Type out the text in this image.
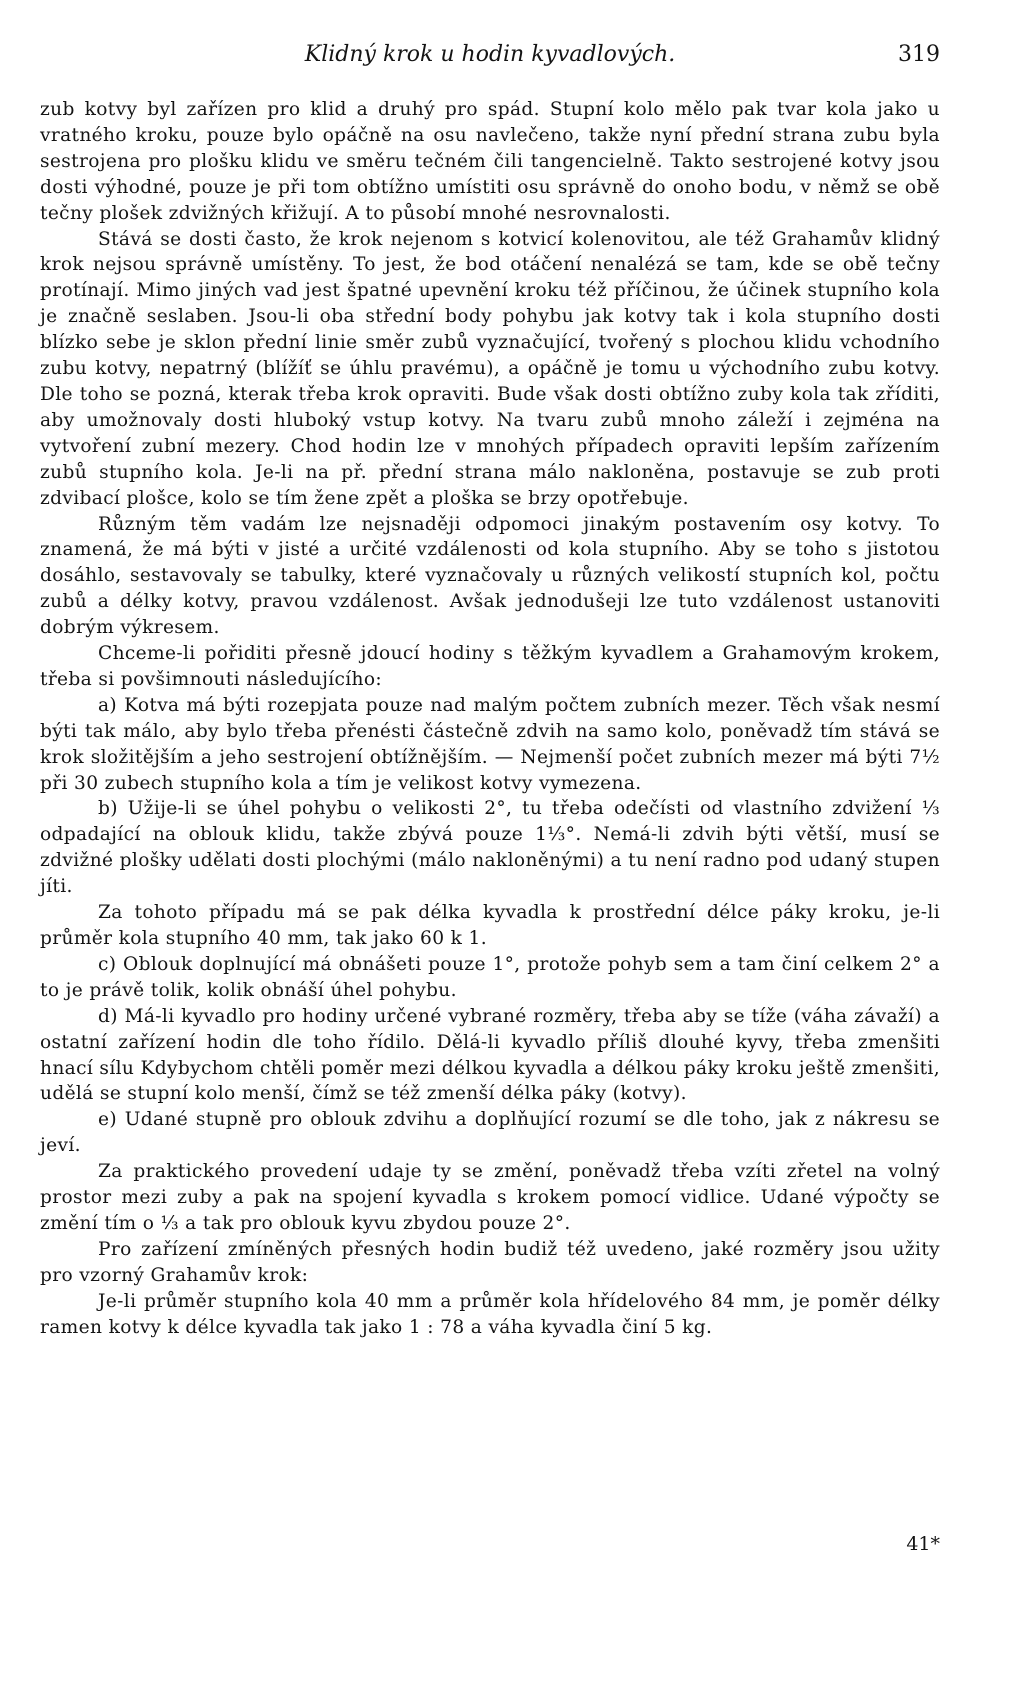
Klidný krok u hodin kyvadlových.	319

zub kotvy byl zařízen pro klid a druhý pro spád. Stupní kolo mělo pak tvar kola jako u vratného kroku, pouze bylo opáčně na osu navlečeno, takže nyní přední strana zubu byla sestrojena pro plošku klidu ve směru tečném čili tangencielně. Takto sestrojené kotvy jsou dosti výhodné, pouze je při tom obtížno umístiti osu správně do onoho bodu, v němž se obě tečny plošek zdvižných křižují. A to působí mnohé nesrovnalosti.

Stává se dosti často, že krok nejenom s kotvicí kolenovitou, ale též Grahamův klidný krok nejsou správně umístěny. To jest, že bod otáčení nenalézá se tam, kde se obě tečny protínají. Mimo jiných vad jest špatné upevnění kroku též příčinou, že účinek stupního kola je značně seslaben. Jsou-li oba střední body pohybu jak kotvy tak i kola stupního dosti blízko sebe je sklon přední linie směr zubů vyznačující, tvořený s plochou klidu vchodního zubu kotvy, nepatrný (blížíť se úhlu pravému), a opáčně je tomu u východního zubu kotvy. Dle toho se pozná, kterak třeba krok opraviti. Bude však dosti obtížno zuby kola tak zříditi, aby umožnovaly dosti hluboký vstup kotvy. Na tvaru zubů mnoho záleží i zejména na vytvoření zubní mezery. Chod hodin lze v mnohých případech opraviti lepším zařízením zubů stupního kola. Je-li na př. přední strana málo nakloněna, postavuje se zub proti zdvibací plošce, kolo se tím žene zpět a ploška se brzy opotřebuje.

Různým těm vadám lze nejsnaději odpomoci jinakým postavením osy kotvy. To znamená, že má býti v jisté a určité vzdálenosti od kola stupního. Aby se toho s jistotou dosáhlo, sestavovaly se tabulky, které vyznačovaly u různých velikostí stupních kol, počtu zubů a délky kotvy, pravou vzdálenost. Avšak jednodušeji lze tuto vzdálenost ustanoviti dobrým výkresem.

Chceme-li pořiditi přesně jdoucí hodiny s těžkým kyvadlem a Grahamovým krokem, třeba si povšimnouti následujícího:

a) Kotva má býti rozepjata pouze nad malým počtem zubních mezer. Těch však nesmí býti tak málo, aby bylo třeba přenésti částečně zdvih na samo kolo, poněvadž tím stává se krok složitějším a jeho sestrojení obtížnějším. — Nejmenší počet zubních mezer má býti 7½ při 30 zubech stupního kola a tím je velikost kotvy vymezena.

b) Užije-li se úhel pohybu o velikosti 2°, tu třeba odečísti od vlastního zdvižení ⅓ odpadající na oblouk klidu, takže zbývá pouze 1⅓°. Nemá-li zdvih býti větší, musí se zdvižné plošky udělati dosti plochými (málo nakloněnými) a tu není radno pod udaný stupen jíti.

Za tohoto případu má se pak délka kyvadla k prostřední délce páky kroku, je-li průměr kola stupního 40 mm, tak jako 60 k 1.

c) Oblouk doplnující má obnášeti pouze 1°, protože pohyb sem a tam činí celkem 2° a to je právě tolik, kolik obnáší úhel pohybu.

d) Má-li kyvadlo pro hodiny určené vybrané rozměry, třeba aby se tíže (váha závaží) a ostatní zařízení hodin dle toho řídilo. Dělá-li kyvadlo příliš dlouhé kyvy, třeba zmenšiti hnací sílu Kdybychom chtěli poměr mezi délkou kyvadla a délkou páky kroku ještě zmenšiti, udělá se stupní kolo menší, čímž se též zmenší délka páky (kotvy).

e) Udané stupně pro oblouk zdvihu a doplňující rozumí se dle toho, jak z nákresu se jeví.

Za praktického provedení udaje ty se změní, poněvadž třeba vzíti zřetel na volný prostor mezi zuby a pak na spojení kyvadla s krokem pomocí vidlice. Udané výpočty se změní tím o ⅓ a tak pro oblouk kyvu zbydou pouze 2°.

Pro zařízení zmíněných přesných hodin budiž též uvedeno, jaké rozměry jsou užity pro vzorný Grahamův krok:

Je-li průměr stupního kola 40 mm a průměr kola hřídelového 84 mm, je poměr délky ramen kotvy k délce kyvadla tak jako 1 : 78 a váha kyvadla činí 5 kg.

41*
